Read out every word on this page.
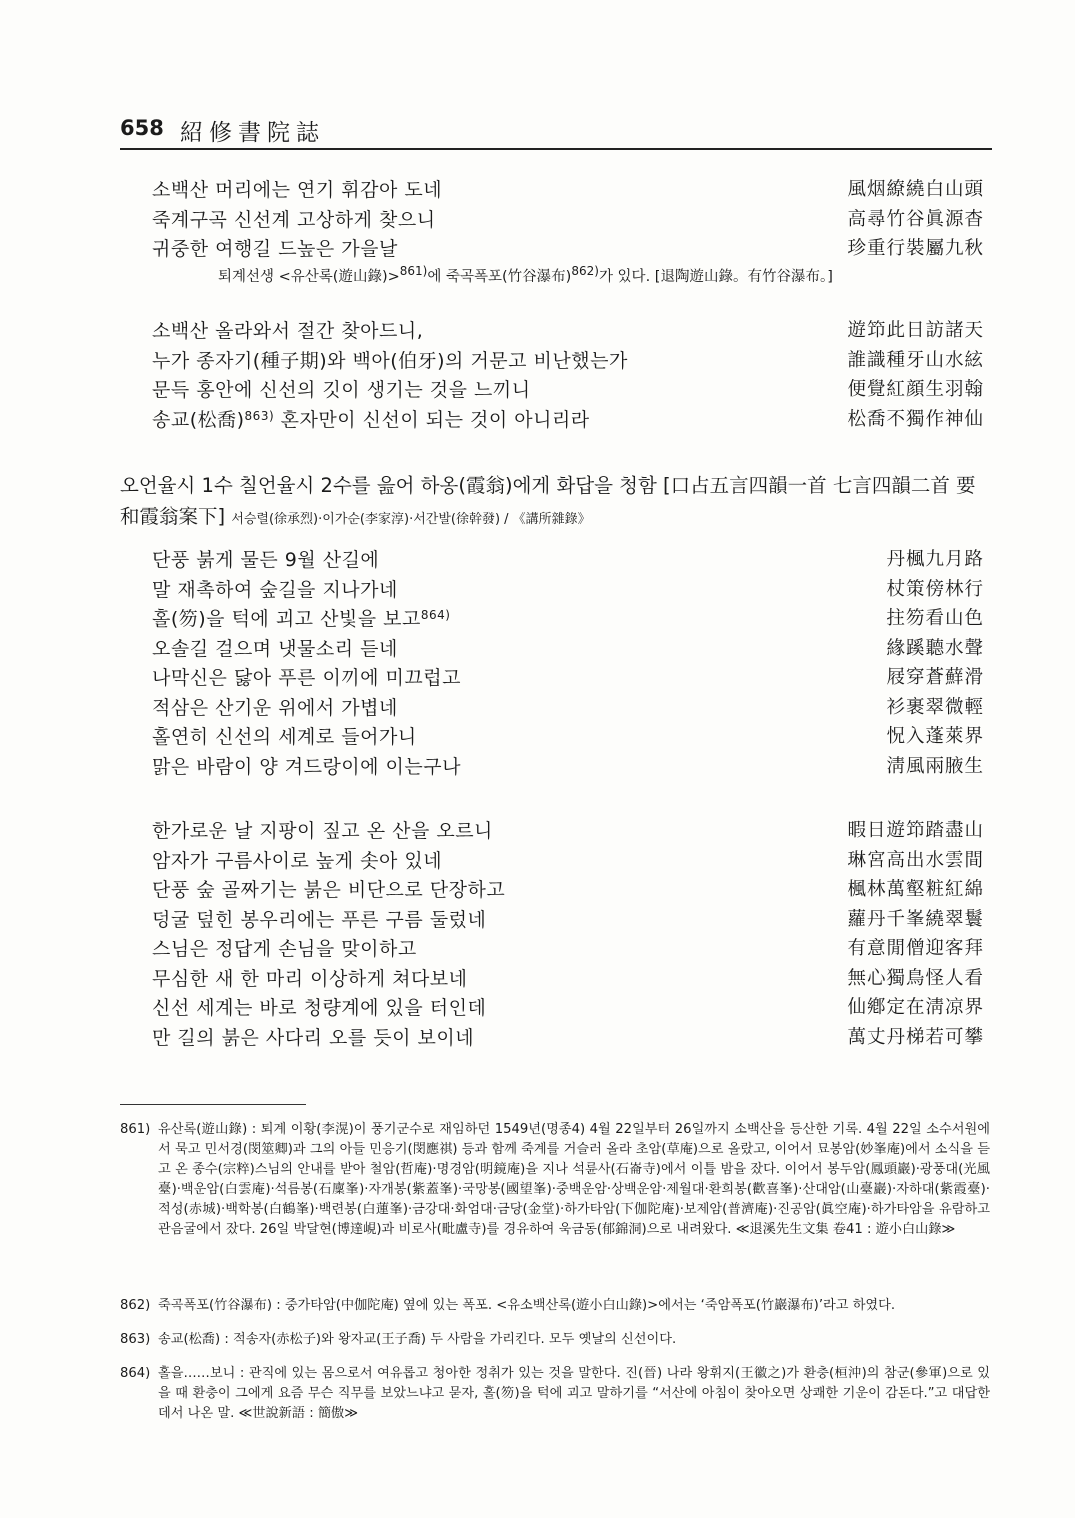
658 紹修書院誌
소백산 머리에는 연기 휘감아 도네	風烟繚繞白山頭
죽계구곡 신선계 고상하게 찾으니	高尋竹谷眞源杳
귀중한 여행길 드높은 가을날	珍重行裝屬九秋
퇴계선생 <유산록(遊山錄)>$^{861)}$에 죽곡폭포(竹谷瀑布)$^{862)}$가 있다. [退陶遊山錄。有竹谷瀑布。]
소백산 올라와서 절간 찾아드니,	遊笻此日訪諸天
누가 종자기(種子期)와 백아(伯牙)의 거문고 비난했는가	誰識種牙山水絃
문득 홍안에 신선의 깃이 생기는 것을 느끼니	便覺紅顔生羽翰
송교(松喬)$^{863)}$ 혼자만이 신선이 되는 것이 아니리라	松喬不獨作神仙
오언율시 1수 칠언율시 2수를 읊어 하옹(霞翁)에게 화답을 청함 [口占五言四韻一首 七言四韻二首 要和霞翁案下] 서승렬(徐承烈)·이가순(李家淳)·서간발(徐幹發) / 《講所雜錄》
단풍 붉게 물든 9월 산길에	丹楓九月路
말 재촉하여 숲길을 지나가네	杖策傍林行
홀(笏)을 턱에 괴고 산빛을 보고$^{864)}$	拄笏看山色
오솔길 걸으며 냇물소리 듣네	緣蹊聽水聲
나막신은 닳아 푸른 이끼에 미끄럽고	屐穿蒼蘚滑
적삼은 산기운 위에서 가볍네	衫裹翠微輕
홀연히 신선의 세계로 들어가니	怳入蓬萊界
맑은 바람이 양 겨드랑이에 이는구나	淸風兩腋生
한가로운 날 지팡이 짚고 온 산을 오르니	暇日遊笻踏盡山
암자가 구름사이로 높게 솟아 있네	琳宮高出水雲間
단풍 숲 골짜기는 붉은 비단으로 단장하고	楓林萬壑粧紅綿
덩굴 덮힌 봉우리에는 푸른 구름 둘렀네	蘿丹千峯繞翠鬟
스님은 정답게 손님을 맞이하고	有意閒僧迎客拜
무심한 새 한 마리 이상하게 쳐다보네	無心獨鳥怪人看
신선 세계는 바로 청량계에 있을 터인데	仙鄕定在淸凉界
만 길의 붉은 사다리 오를 듯이 보이네	萬丈丹梯若可攀
861) 유산록(遊山錄) : 퇴계 이황(李滉)이 풍기군수로 재임하던 1549년(명종4) 4월 22일부터 26일까지 소백산을 등산한 기록. 4월 22일 소수서원에서 묵고 민서경(閔筮卿)과 그의 아들 민응기(閔應祺) 등과 함께 죽계를 거슬러 올라 초암(草庵)으로 올랐고, 이어서 묘봉암(妙峯庵)에서 소식을 듣고 온 종수(宗粹)스님의 안내를 받아 철암(哲庵)·명경암(明鏡庵)을 지나 석륜사(石崙寺)에서 이틀 밤을 잤다. 이어서 봉두암(鳳頭巖)·광풍대(光風臺)·백운암(白雲庵)·석름봉(石廩峯)·자개봉(紫蓋峯)·국망봉(國望峯)·중백운암·상백운암·제월대·환희봉(歡喜峯)·산대암(山臺巖)·자하대(紫霞臺)·적성(赤城)·백학봉(白鶴峯)·백련봉(白蓮峯)·금강대·화엄대·금당(金堂)·하가타암(下伽陀庵)·보제암(普濟庵)·진공암(眞空庵)·하가타암을 유람하고 관음굴에서 잤다. 26일 박달현(博達峴)과 비로사(毗盧寺)를 경유하여 욱금동(郁錦洞)으로 내려왔다. ≪退溪先生文集 卷41 : 遊小白山錄≫
862) 죽곡폭포(竹谷瀑布) : 중가타암(中伽陀庵) 옆에 있는 폭포. <유소백산록(遊小白山錄)>에서는 ‘죽암폭포(竹巖瀑布)’라고 하였다.
863) 송교(松喬) : 적송자(赤松子)와 왕자교(王子喬) 두 사람을 가리킨다. 모두 옛날의 신선이다.
864) 홀을……보니 : 관직에 있는 몸으로서 여유롭고 청아한 정취가 있는 것을 말한다. 진(晉) 나라 왕휘지(王徽之)가 환충(桓沖)의 참군(參軍)으로 있을 때 환충이 그에게 요즘 무슨 직무를 보았느냐고 묻자, 홀(笏)을 턱에 괴고 말하기를 “서산에 아침이 찾아오면 상쾌한 기운이 감돈다.”고 대답한 데서 나온 말. ≪世說新語 : 簡傲≫
